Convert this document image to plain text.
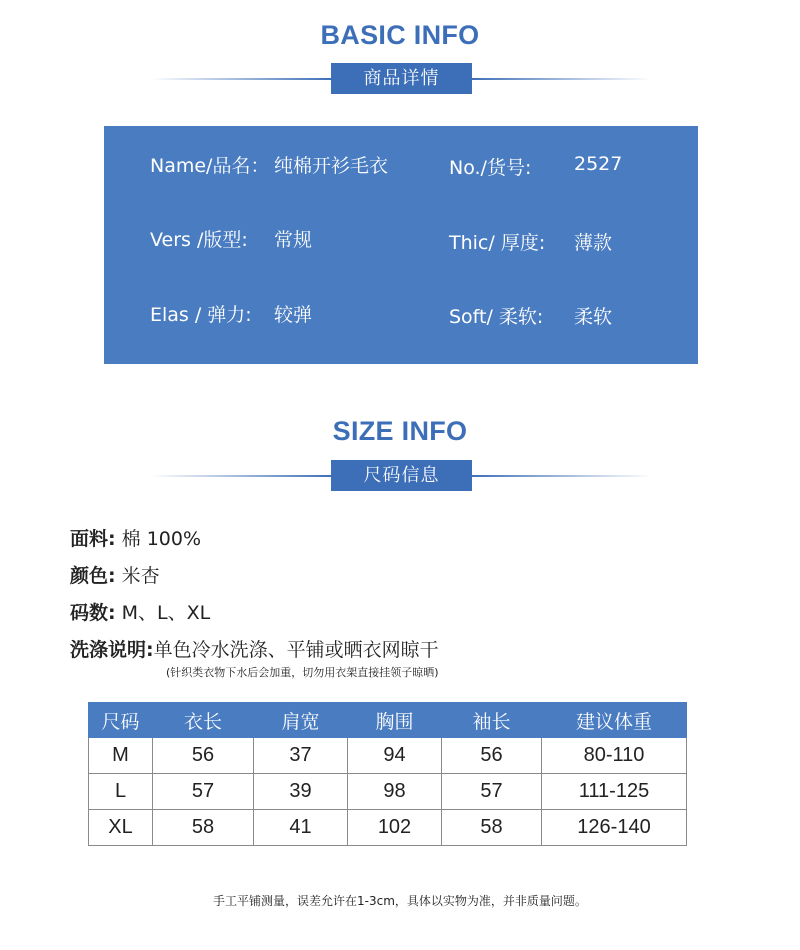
BASIC INFO
商品详情
Name/品名： 纯棉开衫毛衣	No./货号: 2527
Vers /版型: 常规	Thic/ 厚度: 薄款
Elas / 弹力: 较弹	Soft/ 柔软: 柔软
SIZE INFO
尺码信息
面料: 棉 100%
颜色: 米杏
码数: M、L、XL
洗涤说明:单色冷水洗涤、平铺或晒衣网晾干
(针织类衣物下水后会加重，切勿用衣架直接挂领子晾晒)
尺码	衣长	肩宽	胸围	袖长	建议体重
M	56	37	94	56	80-110
L	57	39	98	57	111-125
XL	58	41	102	58	126-140
手工平铺测量，误差允许在1-3cm，具体以实物为准，并非质量问题。
